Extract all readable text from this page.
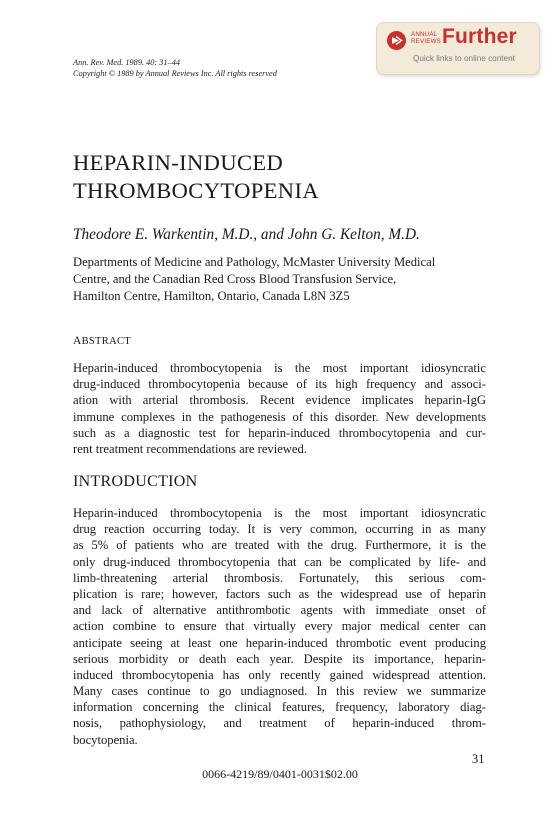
Ann. Rev. Med. 1989. 40: 31–44
Copyright © 1989 by Annual Reviews Inc. All rights reserved
ANNUAL
REVIEWS Further
Quick links to online content
HEPARIN-INDUCED
THROMBOCYTOPENIA
Theodore E. Warkentin, M.D., and John G. Kelton, M.D.
Departments of Medicine and Pathology, McMaster University Medical
Centre, and the Canadian Red Cross Blood Transfusion Service,
Hamilton Centre, Hamilton, Ontario, Canada L8N 3Z5
ABSTRACT
Heparin-induced thrombocytopenia is the most important idiosyncratic
drug-induced thrombocytopenia because of its high frequency and associ-
ation with arterial thrombosis. Recent evidence implicates heparin-IgG
immune complexes in the pathogenesis of this disorder. New developments
such as a diagnostic test for heparin-induced thrombocytopenia and cur-
rent treatment recommendations are reviewed.
INTRODUCTION
Heparin-induced thrombocytopenia is the most important idiosyncratic
drug reaction occurring today. It is very common, occurring in as many
as 5% of patients who are treated with the drug. Furthermore, it is the
only drug-induced thrombocytopenia that can be complicated by life- and
limb-threatening arterial thrombosis. Fortunately, this serious com-
plication is rare; however, factors such as the widespread use of heparin
and lack of alternative antithrombotic agents with immediate onset of
action combine to ensure that virtually every major medical center can
anticipate seeing at least one heparin-induced thrombotic event producing
serious morbidity or death each year. Despite its importance, heparin-
induced thrombocytopenia has only recently gained widespread attention.
Many cases continue to go undiagnosed. In this review we summarize
information concerning the clinical features, frequency, laboratory diag-
nosis, pathophysiology, and treatment of heparin-induced throm-
bocytopenia.
31
0066-4219/89/0401-0031$02.00
